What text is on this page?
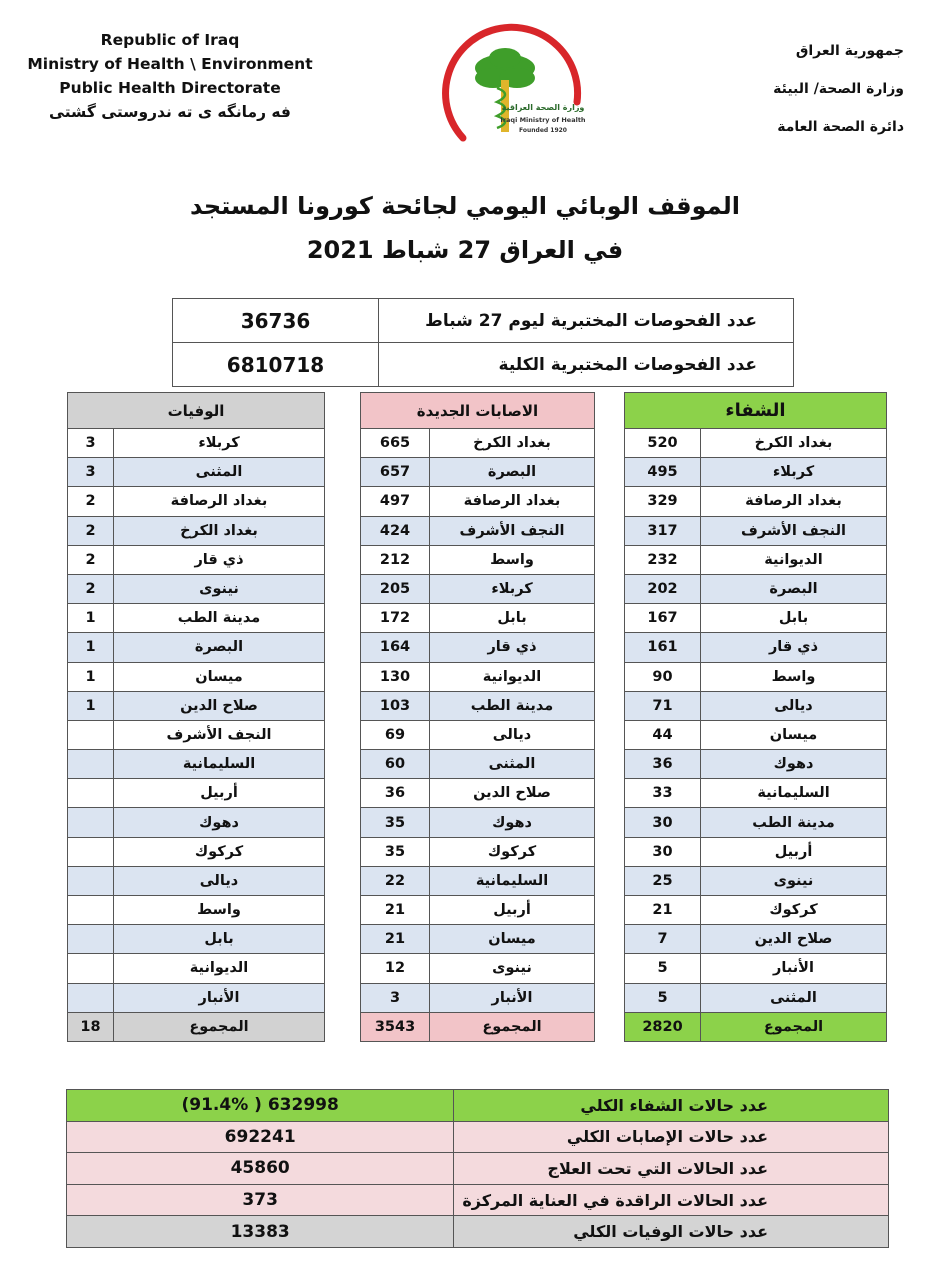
Republic of Iraq
Ministry of Health \ Environment
Public Health Directorate
فه رمانگه ی ته ندروستی گشتی	وزارة الصحة العراقية
Iraqi Ministry of Health
Founded 1920
جمهورية العراق
وزارة الصحة/ البيئة
دائرة الصحة العامة
الموقف الوبائي اليومي لجائحة كورونا المستجد
في العراق 27 شباط 2021
عدد الفحوصات المختبرية ليوم 27 شباط	36736
عدد الفحوصات المختبرية الكلية	6810718
الشفاء	
بغداد الكرخ	520
كربلاء	495
بغداد الرصافة	329
النجف الأشرف	317
الديوانية	232
البصرة	202
بابل	167
ذي قار	161
واسط	90
ديالى	71
ميسان	44
دهوك	36
السليمانية	33
مدينة الطب	30
أربيل	30
نينوى	25
كركوك	21
صلاح الدين	7
الأنبار	5
المثنى	5
المجموع	2820
الاصابات الجديدة	
بغداد الكرخ	665
البصرة	657
بغداد الرصافة	497
النجف الأشرف	424
واسط	212
كربلاء	205
بابل	172
ذي قار	164
الديوانية	130
مدينة الطب	103
ديالى	69
المثنى	60
صلاح الدين	36
دهوك	35
كركوك	35
السليمانية	22
أربيل	21
ميسان	21
نينوى	12
الأنبار	3
المجموع	3543
الوفيات	
كربلاء	3
المثنى	3
بغداد الرصافة	2
بغداد الكرخ	2
ذي قار	2
نينوى	2
مدينة الطب	1
البصرة	1
ميسان	1
صلاح الدين	1
النجف الأشرف	
السليمانية	
أربيل	
دهوك	
كركوك	
ديالى	
واسط	
بابل	
الديوانية	
الأنبار	
المجموع	18
عدد حالات الشفاء الكلي	(91.4% ) 632998
عدد حالات الإصابات الكلي	692241
عدد الحالات التي تحت العلاج	45860
عدد الحالات الراقدة في العناية المركزة	373
عدد حالات الوفيات الكلي	13383
